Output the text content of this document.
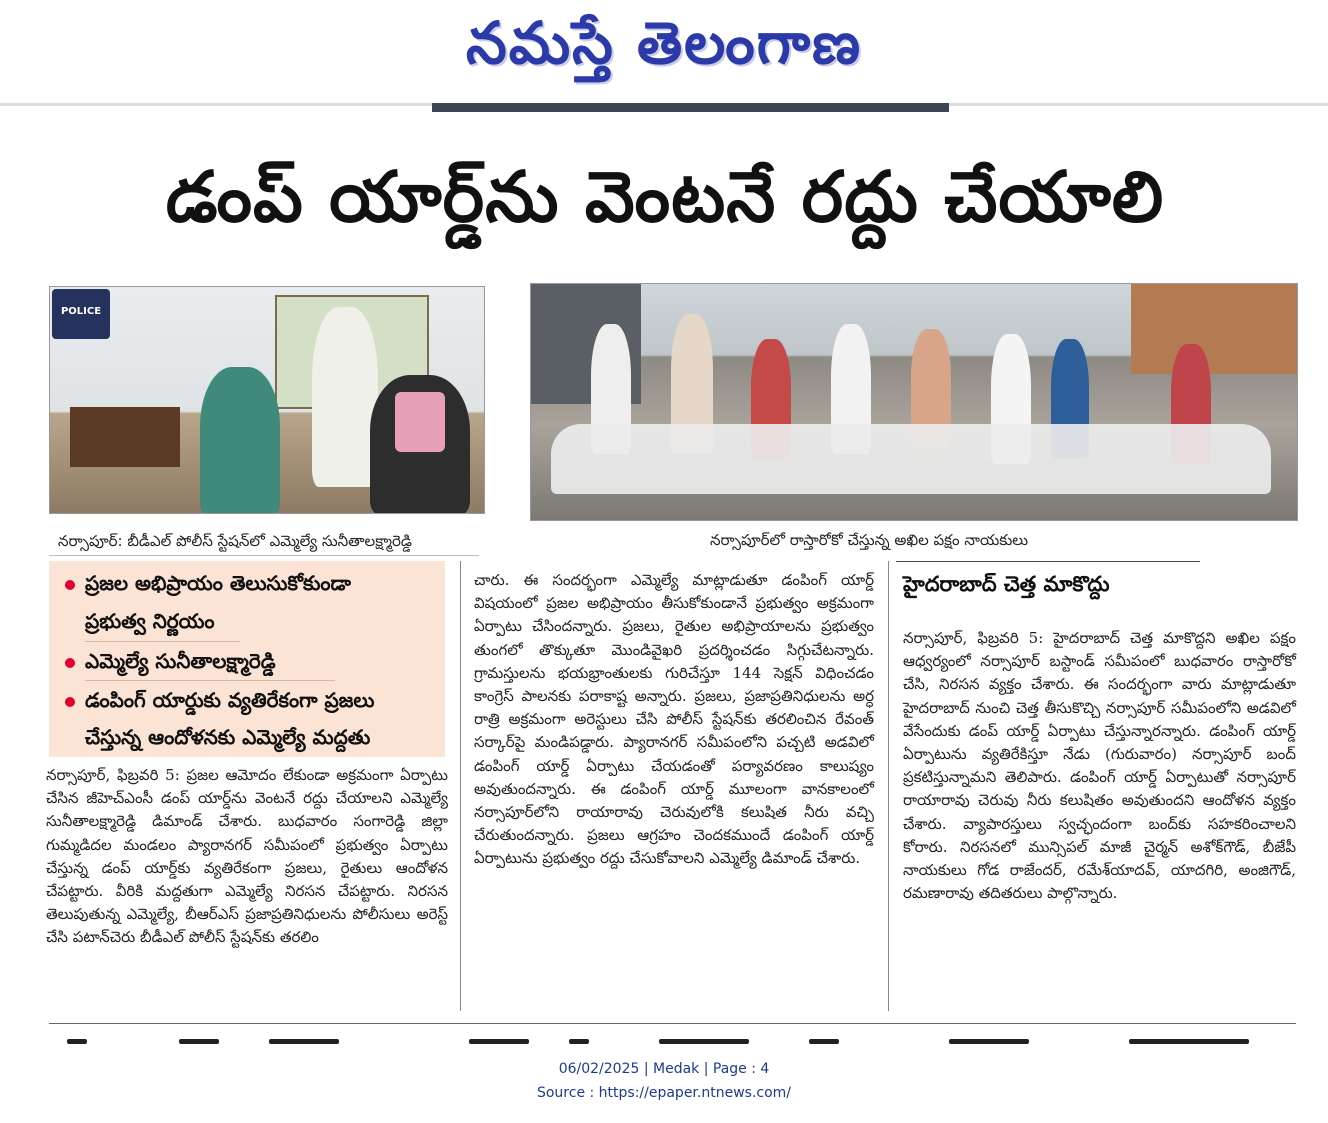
నమస్తే తెలంగాణ
డంప్ యార్డ్‌ను వెంటనే రద్దు చేయాలి
POLICE
నర్సాపూర్: బీడీఎల్ పోలీస్ స్టేషన్‌లో ఎమ్మెల్యే సునీతాలక్ష్మారెడ్డి	నర్సాపూర్‌లో రాస్తారోకో చేస్తున్న అఖిల పక్షం నాయకులు
ప్రజల అభిప్రాయం తెలుసుకోకుండా
ప్రభుత్వ నిర్ణయం
ఎమ్మెల్యే సునీతాలక్ష్మారెడ్డి
డంపింగ్ యార్డుకు వ్యతిరేకంగా ప్రజలు
చేస్తున్న ఆందోళనకు ఎమ్మెల్యే మద్దతు

నర్సాపూర్, ఫిబ్రవరి 5: ప్రజల ఆమోదం లేకుండా అక్రమంగా ఏర్పాటు చేసిన జీహెచ్‌ఎంసీ డంప్ యార్డ్‌ను వెంటనే రద్దు చేయాలని ఎమ్మెల్యే సునీతాలక్ష్మారెడ్డి డిమాండ్ చేశారు. బుధవారం సంగారెడ్డి జిల్లా గుమ్మడిదల మండలం ప్యారానగర్ సమీపంలో ప్రభుత్వం ఏర్పాటు చేస్తున్న డంప్ యార్డ్‌కు వ్యతిరేకంగా ప్రజలు, రైతులు ఆందోళన చేపట్టారు. వీరికి మద్దతుగా ఎమ్మెల్యే నిరసన చేపట్టారు. నిరసన తెలుపుతున్న ఎమ్మెల్యే, బీఆర్‌ఎస్ ప్రజాప్రతినిధులను పోలీసులు అరెస్ట్ చేసి పటాన్‌చెరు బీడీఎల్ పోలీస్ స్టేషన్‌కు తరలిం

చారు. ఈ సందర్భంగా ఎమ్మెల్యే మాట్లాడుతూ డంపింగ్ యార్డ్ విషయంలో ప్రజల అభిప్రాయం తీసుకోకుండానే ప్రభుత్వం అక్రమంగా ఏర్పాటు చేసిందన్నారు. ప్రజలు, రైతుల అభిప్రాయాలను ప్రభుత్వం తుంగలో తొక్కుతూ మొండివైఖరి ప్రదర్శించడం సిగ్గుచేటన్నారు. గ్రామస్తులను భయభ్రాంతులకు గురిచేస్తూ 144 సెక్షన్ విధించడం కాంగ్రెస్ పాలనకు పరాకాష్ట అన్నారు. ప్రజలు, ప్రజాప్రతినిధులను అర్ధ రాత్రి అక్రమంగా అరెస్టులు చేసి పోలీస్ స్టేషన్‌కు తరలించిన రేవంత్ సర్కార్‌పై మండిపడ్డారు. ప్యారానగర్ సమీపంలోని పచ్చటి అడవిలో డంపింగ్ యార్డ్ ఏర్పాటు చేయడంతో పర్యావరణం కాలుష్యం అవుతుందన్నారు. ఈ డంపింగ్ యార్డ్ మూలంగా వానకాలంలో నర్సాపూర్‌లోని రాయారావు చెరువులోకి కలుషిత నీరు వచ్చి చేరుతుందన్నారు. ప్రజలు ఆగ్రహం చెందకముందే డంపింగ్ యార్డ్ ఏర్పాటును ప్రభుత్వం రద్దు చేసుకోవాలని ఎమ్మెల్యే డిమాండ్ చేశారు.

హైదరాబాద్ చెత్త మాకొద్దు

నర్సాపూర్, ఫిబ్రవరి 5: హైదరాబాద్ చెత్త మాకొద్దని అఖిల పక్షం ఆధ్వర్యంలో నర్సాపూర్ బస్టాండ్ సమీపంలో బుధవారం రాస్తారోకో చేసి, నిరసన వ్యక్తం చేశారు. ఈ సందర్భంగా వారు మాట్లాడుతూ హైదరాబాద్ నుంచి చెత్త తీసుకొచ్చి నర్సాపూర్ సమీపంలోని అడవిలో వేసేందుకు డంప్ యార్డ్ ఏర్పాటు చేస్తున్నారన్నారు. డంపింగ్ యార్డ్ ఏర్పాటును వ్యతిరేకిస్తూ నేడు (గురువారం) నర్సాపూర్ బంద్ ప్రకటిస్తున్నామని తెలిపారు. డంపింగ్ యార్డ్ ఏర్పాటుతో నర్సాపూర్ రాయారావు చెరువు నీరు కలుషితం అవుతుందని ఆందోళన వ్యక్తం చేశారు. వ్యాపారస్తులు స్వచ్ఛందంగా బంద్‌కు సహకరించాలని కోరారు. నిరసనలో మున్సిపల్ మాజీ చైర్మన్ అశోక్‌గౌడ్, బీజేపీ నాయకులు గోడ రాజేందర్, రమేశ్‌యాదవ్, యాదగిరి, అంజిగౌడ్, రమణారావు తదితరులు పాల్గొన్నారు.

06/02/2025 | Medak | Page : 4
Source : https://epaper.ntnews.com/
